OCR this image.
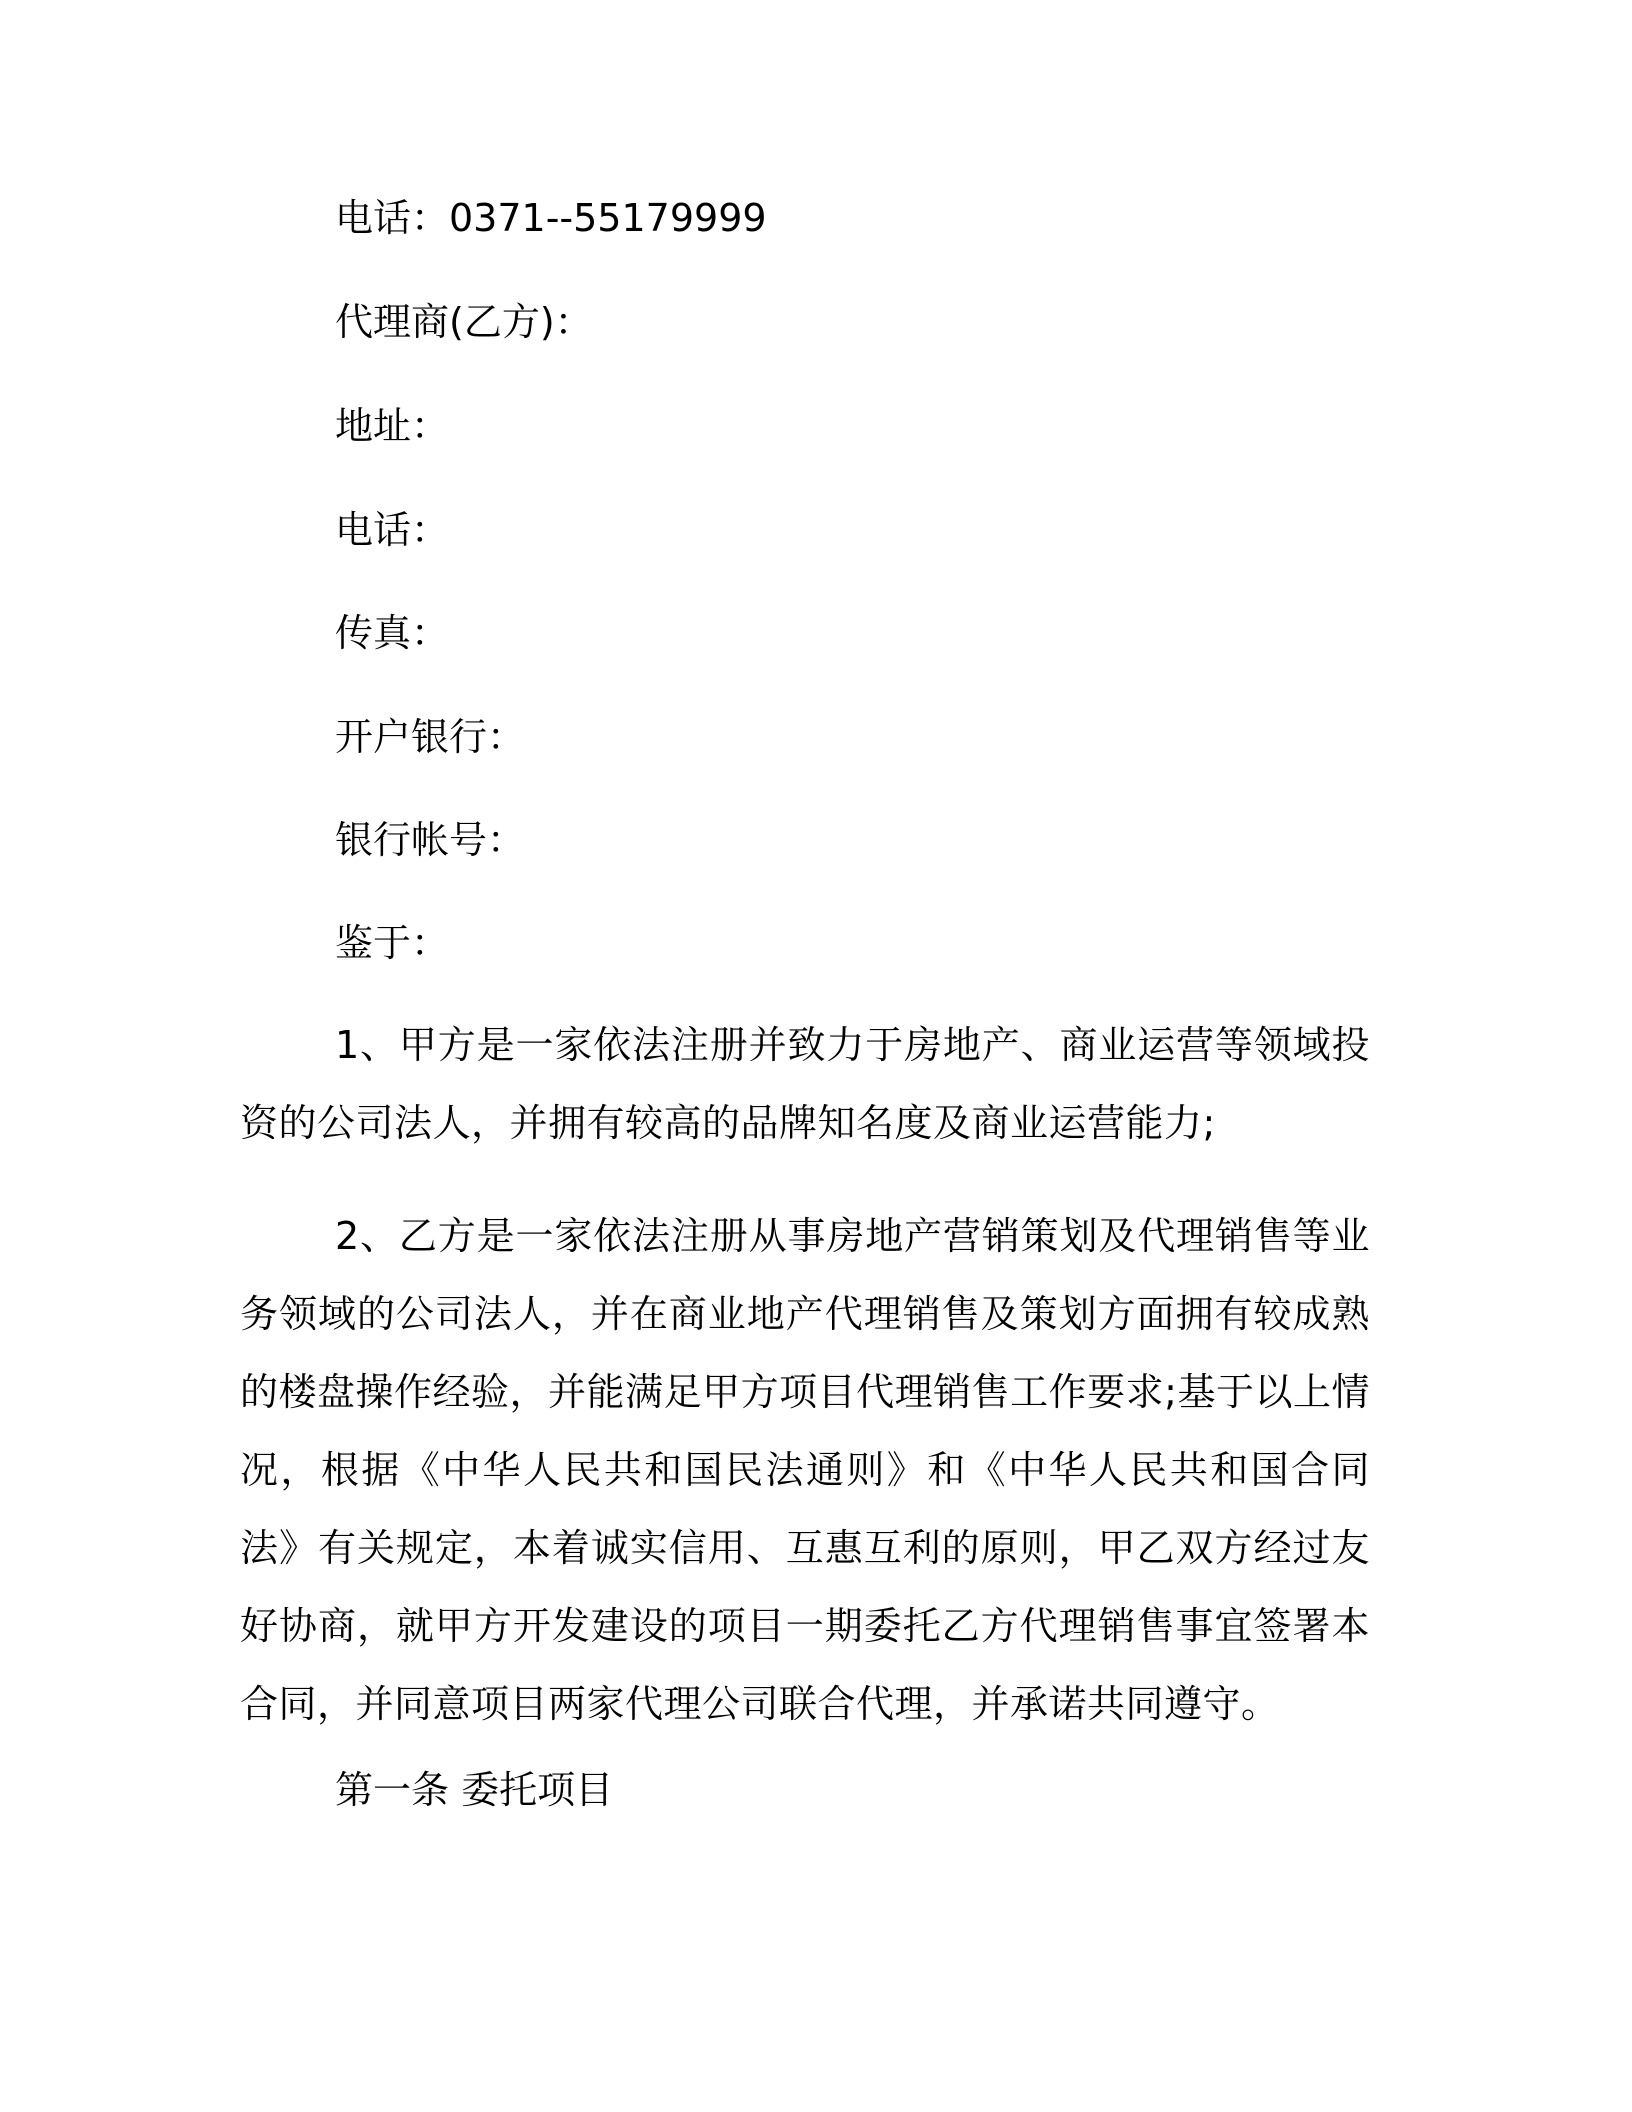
电话：0371--55179999
代理商(乙方)：
地址：
电话：
传真：
开户银行：
银行帐号：
鉴于：
1、甲方是一家依法注册并致力于房地产、商业运营等领域投资的公司法人，并拥有较高的品牌知名度及商业运营能力;
2、乙方是一家依法注册从事房地产营销策划及代理销售等业务领域的公司法人，并在商业地产代理销售及策划方面拥有较成熟的楼盘操作经验，并能满足甲方项目代理销售工作要求;基于以上情况，根据《中华人民共和国民法通则》和《中华人民共和国合同法》有关规定，本着诚实信用、互惠互利的原则，甲乙双方经过友好协商，就甲方开发建设的项目一期委托乙方代理销售事宜签署本合同，并同意项目两家代理公司联合代理，并承诺共同遵守。
第一条 委托项目
